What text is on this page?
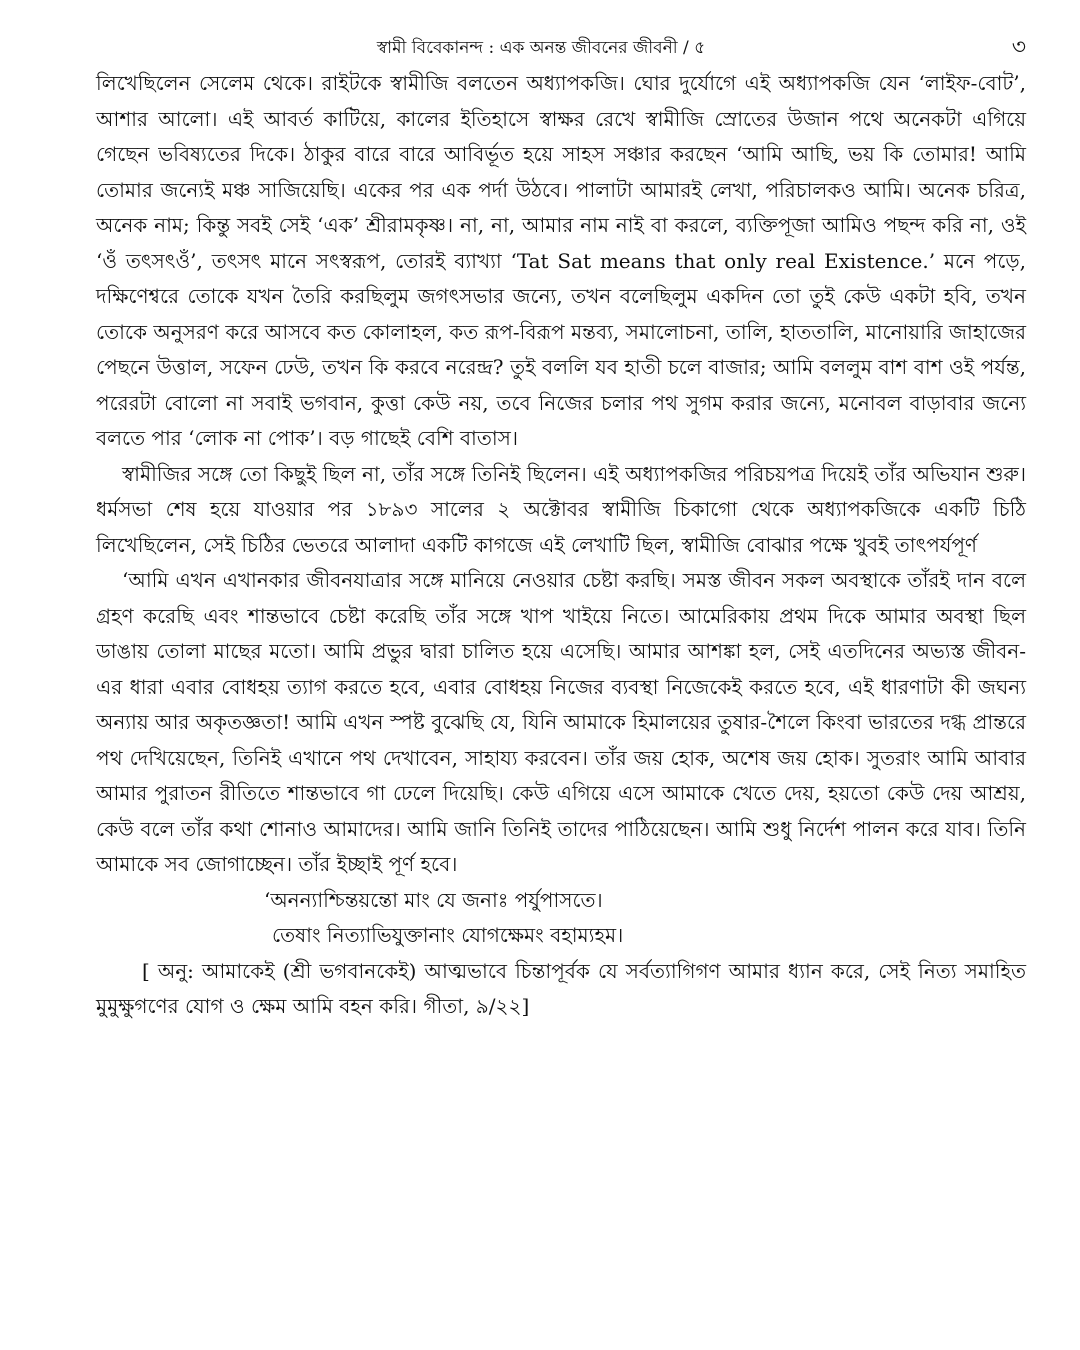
স্বামী বিবেকানন্দ : এক অনন্ত জীবনের জীবনী / ৫	৩

লিখেছিলেন সেলেম থেকে। রাইটকে স্বামীজি বলতেন অধ্যাপকজি। ঘোর দুর্যোগে এই অধ্যাপকজি যেন ‘লাইফ-বোট’, আশার আলো। এই আবর্ত কাটিয়ে, কালের ইতিহাসে স্বাক্ষর রেখে স্বামীজি স্রোতের উজান পথে অনেকটা এগিয়ে গেছেন ভবিষ্যতের দিকে। ঠাকুর বারে বারে আবির্ভূত হয়ে সাহস সঞ্চার করছেন ‘আমি আছি, ভয় কি তোমার! আমি তোমার জন্যেই মঞ্চ সাজিয়েছি। একের পর এক পর্দা উঠবে। পালাটা আমারই লেখা, পরিচালকও আমি। অনেক চরিত্র, অনেক নাম; কিন্তু সবই সেই ‘এক’ শ্রীরামকৃষ্ণ। না, না, আমার নাম নাই বা করলে, ব্যক্তিপূজা আমিও পছন্দ করি না, ওই ‘ওঁ তৎসৎওঁ’, তৎসৎ মানে সৎস্বরূপ, তোরই ব্যাখ্যা ‘Tat Sat means that only real Existence.’ মনে পড়ে, দক্ষিণেশ্বরে তোকে যখন তৈরি করছিলুম জগৎসভার জন্যে, তখন বলেছিলুম একদিন তো তুই কেউ একটা হবি, তখন তোকে অনুসরণ করে আসবে কত কোলাহল, কত রূপ-বিরূপ মন্তব্য, সমালোচনা, তালি, হাততালি, মানোয়ারি জাহাজের পেছনে উত্তাল, সফেন ঢেউ, তখন কি করবে নরেন্দ্র? তুই বললি যব হাতী চলে বাজার; আমি বললুম বাশ বাশ ওই পর্যন্ত, পরেরটা বোলো না সবাই ভগবান, কুত্তা কেউ নয়, তবে নিজের চলার পথ সুগম করার জন্যে, মনোবল বাড়াবার জন্যে বলতে পার ‘লোক না পোক’। বড় গাছেই বেশি বাতাস।

স্বামীজির সঙ্গে তো কিছুই ছিল না, তাঁর সঙ্গে তিনিই ছিলেন। এই অধ্যাপকজির পরিচয়পত্র দিয়েই তাঁর অভিযান শুরু। ধর্মসভা শেষ হয়ে যাওয়ার পর ১৮৯৩ সালের ২ অক্টোবর স্বামীজি চিকাগো থেকে অধ্যাপকজিকে একটি চিঠি লিখেছিলেন, সেই চিঠির ভেতরে আলাদা একটি কাগজে এই লেখাটি ছিল, স্বামীজি বোঝার পক্ষে খুবই তাৎপর্যপূর্ণ

‘আমি এখন এখানকার জীবনযাত্রার সঙ্গে মানিয়ে নেওয়ার চেষ্টা করছি। সমস্ত জীবন সকল অবস্থাকে তাঁরই দান বলে গ্রহণ করেছি এবং শান্তভাবে চেষ্টা করেছি তাঁর সঙ্গে খাপ খাইয়ে নিতে। আমেরিকায় প্রথম দিকে আমার অবস্থা ছিল ডাঙায় তোলা মাছের মতো। আমি প্রভুর দ্বারা চালিত হয়ে এসেছি। আমার আশঙ্কা হল, সেই এতদিনের অভ্যস্ত জীবন-এর ধারা এবার বোধহয় ত্যাগ করতে হবে, এবার বোধহয় নিজের ব্যবস্থা নিজেকেই করতে হবে, এই ধারণাটা কী জঘন্য অন্যায় আর অকৃতজ্ঞতা! আমি এখন স্পষ্ট বুঝেছি যে, যিনি আমাকে হিমালয়ের তুষার-শৈলে কিংবা ভারতের দগ্ধ প্রান্তরে পথ দেখিয়েছেন, তিনিই এখানে পথ দেখাবেন, সাহায্য করবেন। তাঁর জয় হোক, অশেষ জয় হোক। সুতরাং আমি আবার আমার পুরাতন রীতিতে শান্তভাবে গা ঢেলে দিয়েছি। কেউ এগিয়ে এসে আমাকে খেতে দেয়, হয়তো কেউ দেয় আশ্রয়, কেউ বলে তাঁর কথা শোনাও আমাদের। আমি জানি তিনিই তাদের পাঠিয়েছেন। আমি শুধু নির্দেশ পালন করে যাব। তিনি আমাকে সব জোগাচ্ছেন। তাঁর ইচ্ছাই পূর্ণ হবে।

‘অনন্যাশ্চিন্তয়ন্তো মাং যে জনাঃ পর্যুপাসতে।

তেষাং নিত্যাভিযুক্তানাং যোগক্ষেমং বহাম্যহম।

[ অনু: আমাকেই (শ্রী ভগবানকেই) আত্মভাবে চিন্তাপূর্বক যে সর্বত্যাগিগণ আমার ধ্যান করে, সেই নিত্য সমাহিত মুমুক্ষুগণের যোগ ও ক্ষেম আমি বহন করি। গীতা, ৯/২২]
